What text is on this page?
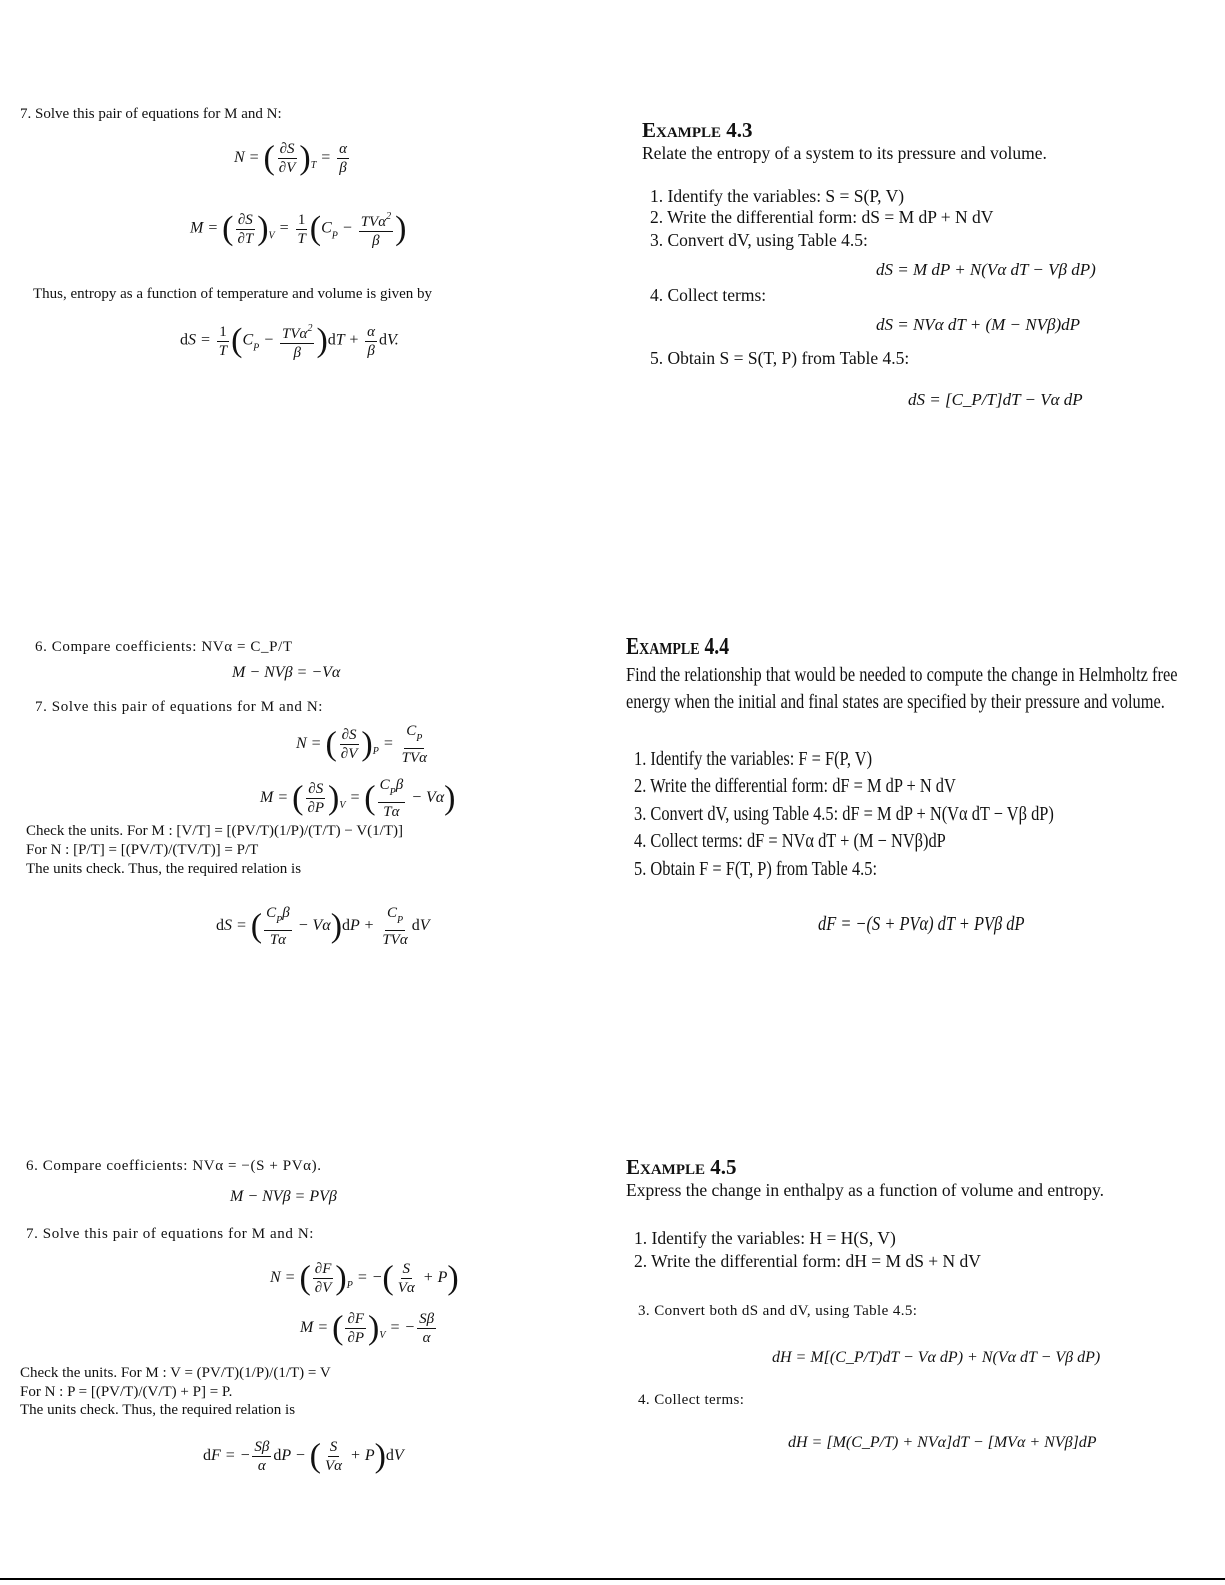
7. Solve this pair of equations for M and N:
N = ( $\frac{\partial S}{\partial V} )_T = \frac{\alpha}{\beta}$
M = ( $\frac{\partial S}{\partial T} )_V = \frac{1}{T} (C_P - \frac{TV\alpha^2}{\beta}$ )
Thus, entropy as a function of temperature and volume is given by
dS = $\frac{1}{T} (C_P - \frac{TV\alpha^2}{\beta} )dT + \frac{\alpha}{\beta}$ dV.
Example 4.3
Relate the entropy of a system to its pressure and volume.
1. Identify the variables: S = S(P, V)
2. Write the differential form: dS = M dP + N dV
3. Convert dV, using Table 4.5:
dS = M dP + N(Vα dT − Vβ dP)
4. Collect terms:
dS = NVα dT + (M − NVβ)dP
5. Obtain S = S(T, P) from Table 4.5:
dS = [C_P/T]dT − Vα dP
6. Compare coefficients: NVα = C_P/T
M − NVβ = −Vα
7. Solve this pair of equations for M and N:
N = ( $\frac{\partial S}{\partial V} )_P = \frac{C_P}{\text{TVα}}$
M = ( $\frac{\partial S}{\partial P} )_V$ = ( $\frac{C_P\beta}{T\alpha} - V\alpha$)
Check the units. For M : [V/T] = [(PV/T)(1/P)/(T/T) − V(1/T)]
For N : [P/T] = [(PV/T)/(TV/T)] = P/T
The units check. Thus, the required relation is
dS = ( $\frac{C_P\beta}{T\alpha} - V\alpha)dP + \frac{C_P}{\text{TVα}}$ dV
Example 4.4
Find the relationship that would be needed to compute the change in Helmholtz free
energy when the initial and final states are specified by their pressure and volume.
1. Identify the variables: F = F(P, V)
2. Write the differential form: dF = M dP + N dV
3. Convert dV, using Table 4.5: dF = M dP + N(Vα dT − Vβ dP)
4. Collect terms: dF = NVα dT + (M − NVβ)dP
5. Obtain F = F(T, P) from Table 4.5:
dF = −(S + PVα) dT + PVβ dP
6. Compare coefficients: NVα = −(S + PVα).
M − NVβ = PVβ
7. Solve this pair of equations for M and N:
N = ( $\frac{\partial F}{\partial V} )_P$ = −( $\frac{S}{V\alpha} + P$)
M = ( $\frac{\partial F}{\partial P} )_V$ = − $\frac{S\beta}{\alpha}$
Check the units. For M : V = (PV/T)(1/P)/(1/T) = V
For N : P = [(PV/T)/(V/T) + P] = P.
The units check. Thus, the required relation is
dF = − $\frac{S\beta}{\alpha}$ dP − ( $\frac{S}{V\alpha} + P)dV$
Example 4.5
Express the change in enthalpy as a function of volume and entropy.
1. Identify the variables: H = H(S, V)
2. Write the differential form: dH = M dS + N dV
3. Convert both dS and dV, using Table 4.5:
dH = M[(C_P/T)dT − Vα dP) + N(Vα dT − Vβ dP)
4. Collect terms:
dH = [M(C_P/T) + NVα]dT − [MVα + NVβ]dP
